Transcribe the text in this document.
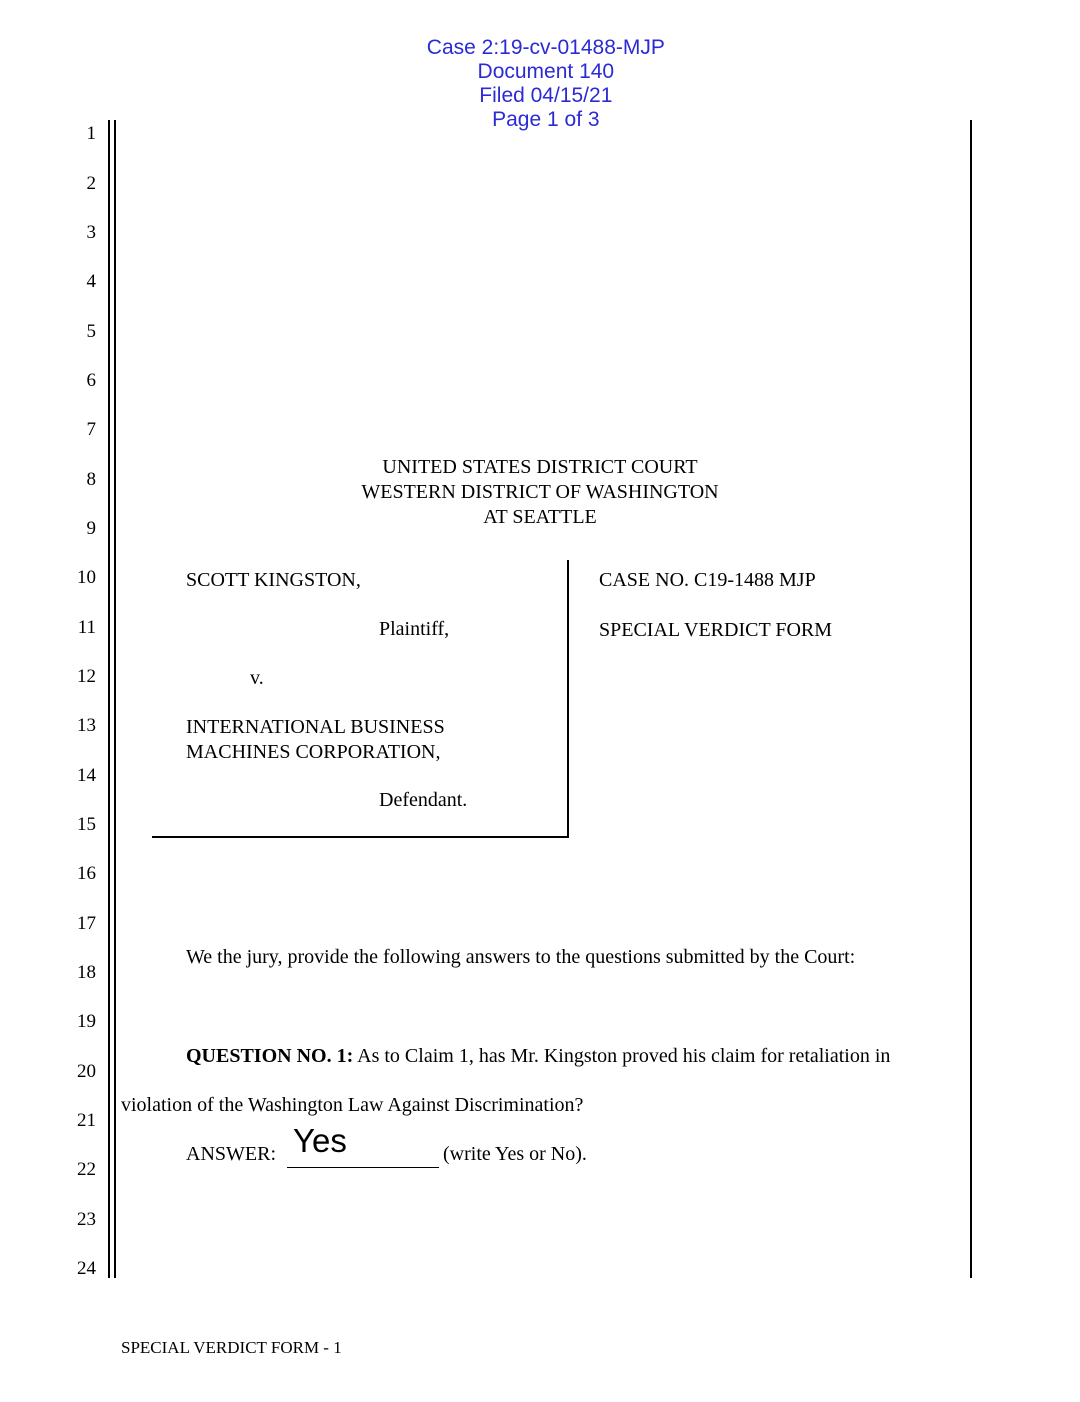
Case 2:19-cv-01488-MJP
Document 140
Filed 04/15/21
Page 1 of 3

1
2
3
4
5
6
7
8
9
10
11
12
13
14
15
16
17
18
19
20
21
22
23
24
UNITED STATES DISTRICT COURT
WESTERN DISTRICT OF WASHINGTON
AT SEATTLE
SCOTT KINGSTON,
Plaintiff,
v.
INTERNATIONAL BUSINESS
MACHINES CORPORATION,
Defendant.
CASE NO. C19-1488 MJP
SPECIAL VERDICT FORM
We the jury, provide the following answers to the questions submitted by the Court:
QUESTION NO. 1: As to Claim 1, has Mr. Kingston proved his claim for retaliation in
violation of the Washington Law Against Discrimination?
ANSWER: Yes	(write Yes or No).
SPECIAL VERDICT FORM - 1
